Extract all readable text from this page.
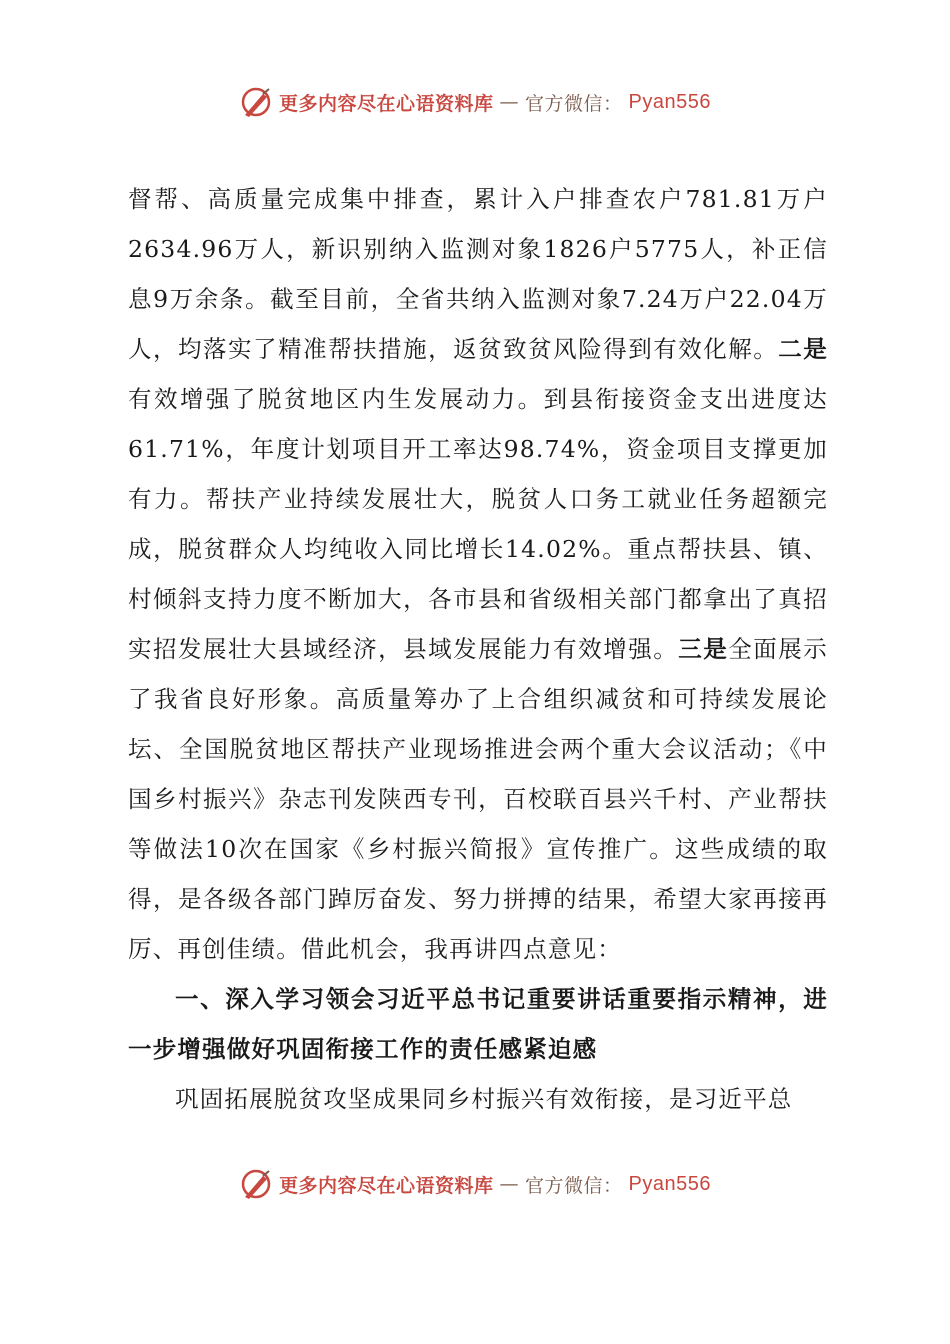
更多内容尽在心语资料库 — 官方微信： Pyan556

督帮、高质量完成集中排查，累计入户排查农户781.81万户2634.96万人，新识别纳入监测对象1826户5775人，补正信息9万余条。截至目前，全省共纳入监测对象7.24万户22.04万人，均落实了精准帮扶措施，返贫致贫风险得到有效化解。二是有效增强了脱贫地区内生发展动力。到县衔接资金支出进度达61.71%，年度计划项目开工率达98.74%，资金项目支撑更加有力。帮扶产业持续发展壮大，脱贫人口务工就业任务超额完成，脱贫群众人均纯收入同比增长14.02%。重点帮扶县、镇、村倾斜支持力度不断加大，各市县和省级相关部门都拿出了真招实招发展壮大县域经济，县域发展能力有效增强。三是全面展示了我省良好形象。高质量筹办了上合组织减贫和可持续发展论坛、全国脱贫地区帮扶产业现场推进会两个重大会议活动；《中国乡村振兴》杂志刊发陕西专刊，百校联百县兴千村、产业帮扶等做法10次在国家《乡村振兴简报》宣传推广。这些成绩的取得，是各级各部门踔厉奋发、努力拼搏的结果，希望大家再接再厉、再创佳绩。借此机会，我再讲四点意见：

一、深入学习领会习近平总书记重要讲话重要指示精神，进一步增强做好巩固衔接工作的责任感紧迫感

巩固拓展脱贫攻坚成果同乡村振兴有效衔接，是习近平总

更多内容尽在心语资料库 — 官方微信： Pyan556
